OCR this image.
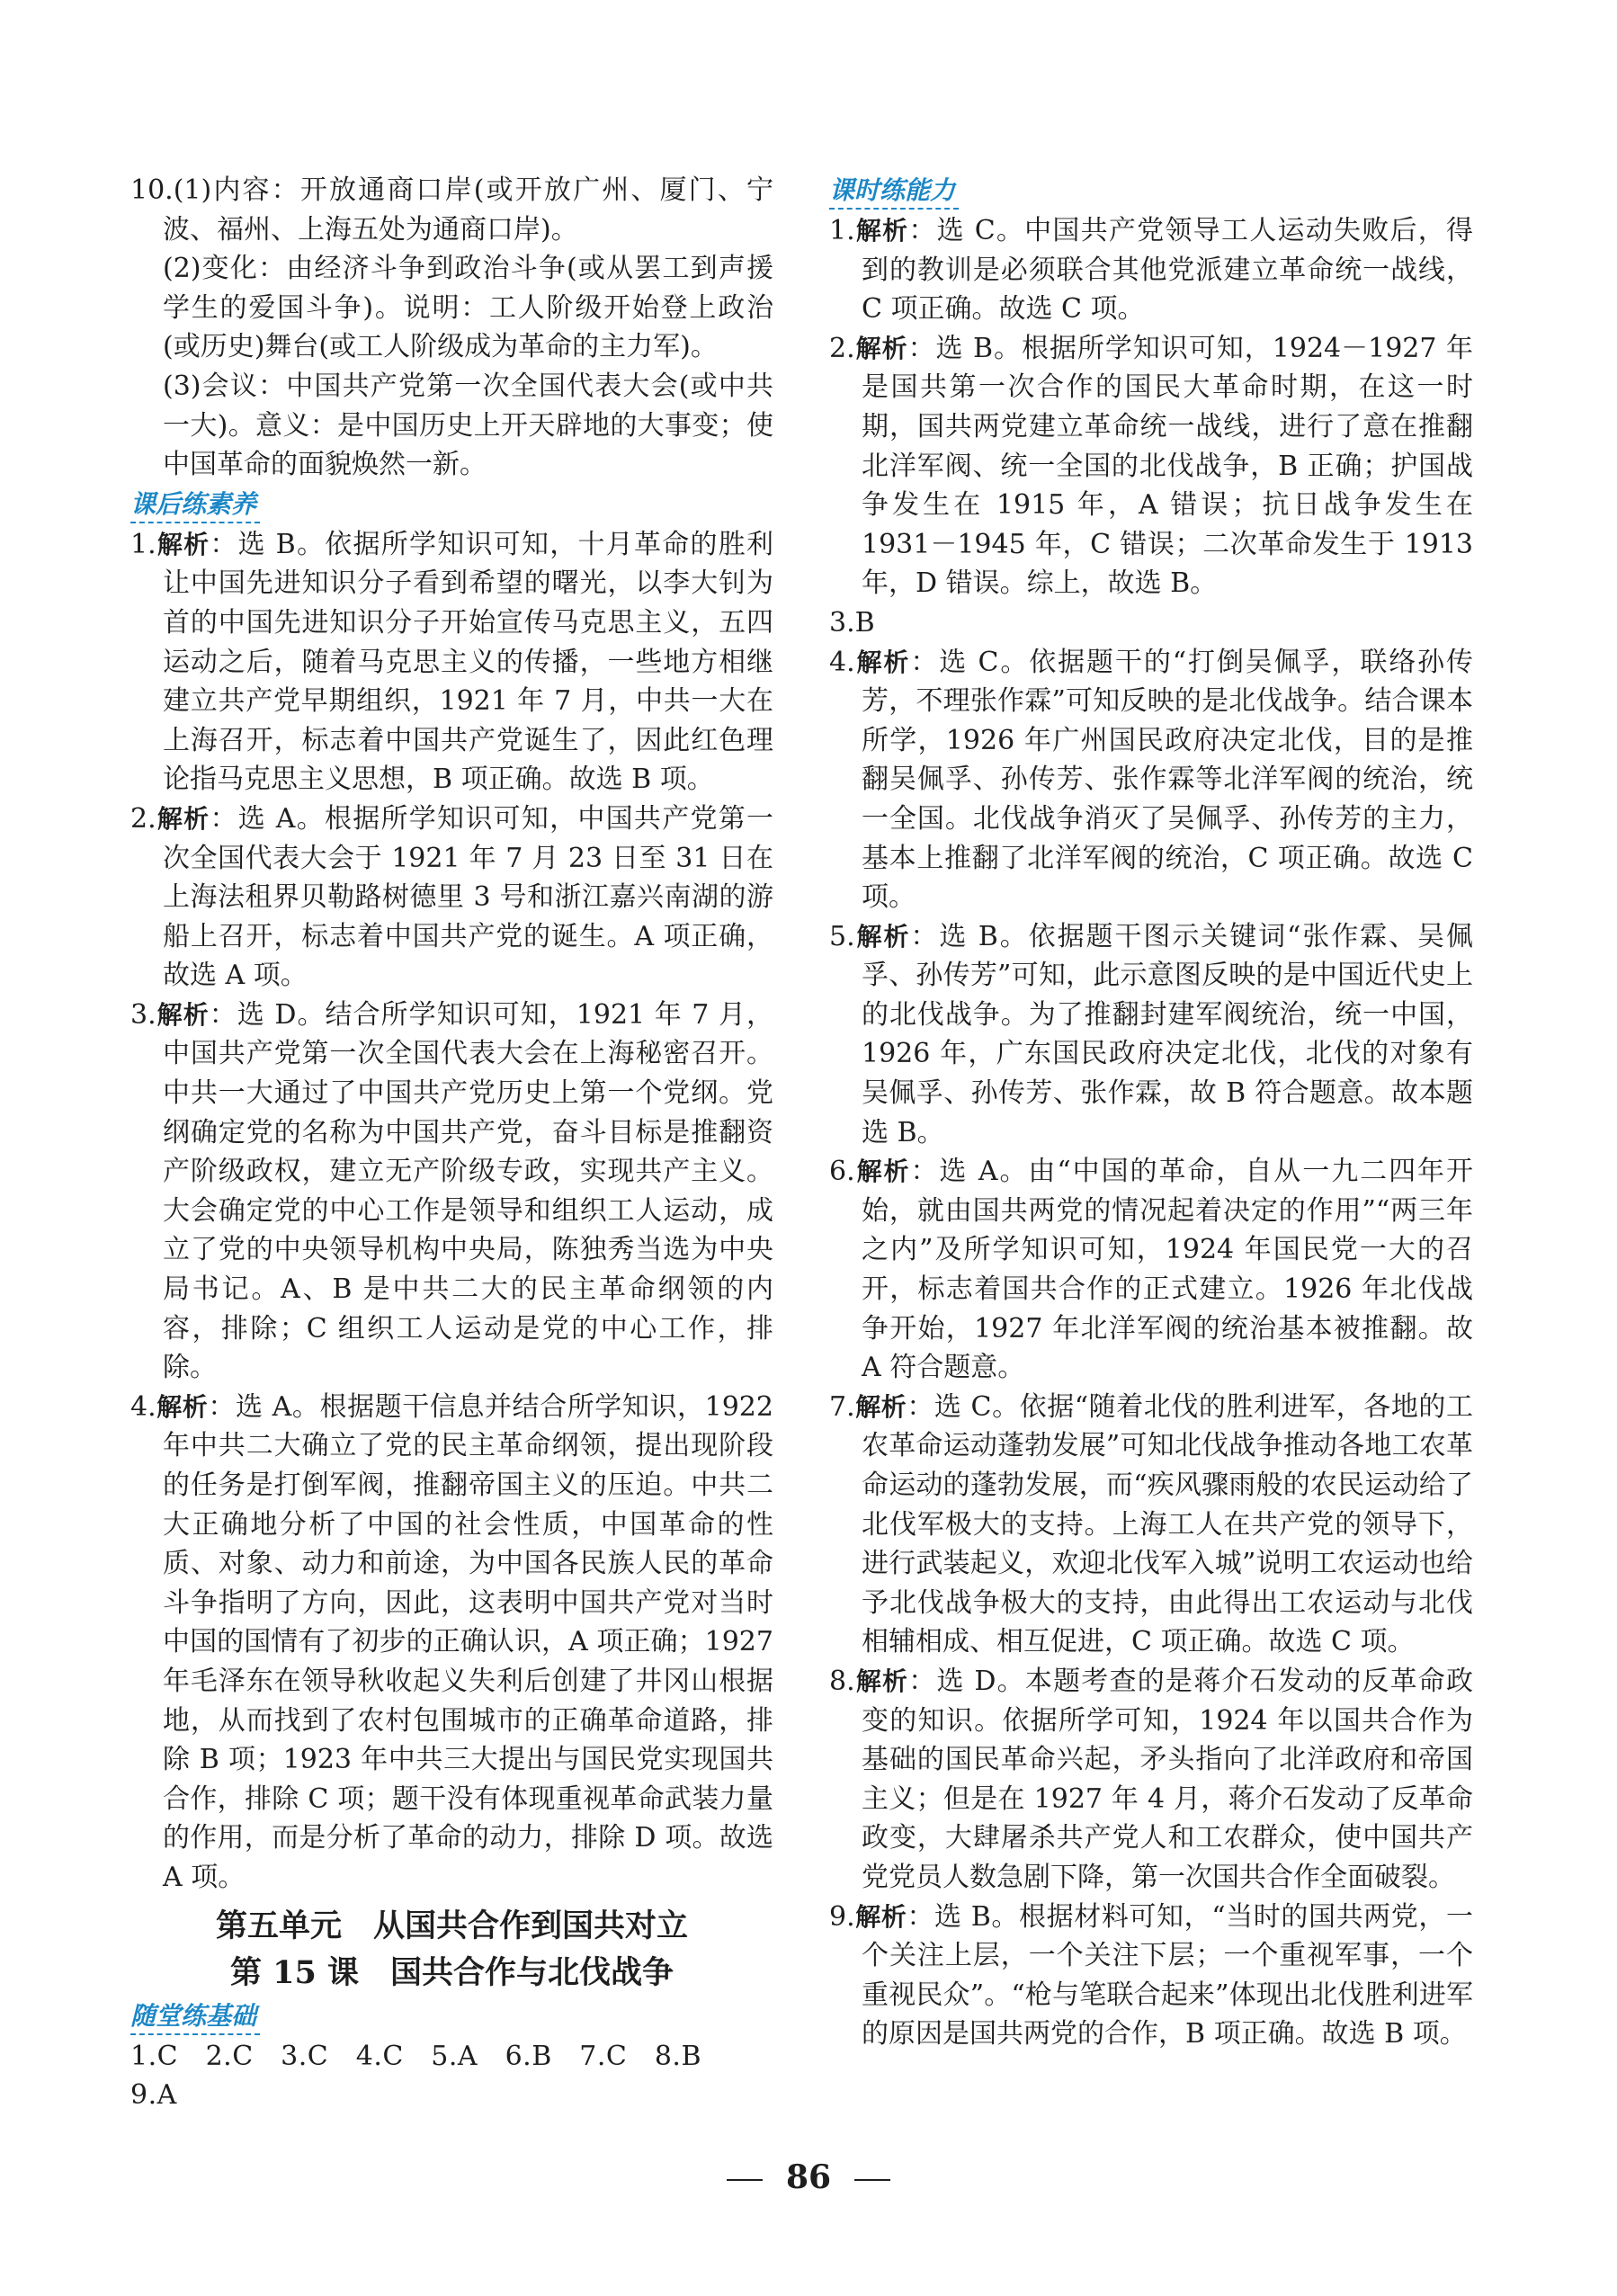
10.(1)内容：开放通商口岸(或开放广州、厦门、宁波、福州、上海五处为通商口岸)。
(2)变化：由经济斗争到政治斗争(或从罢工到声援学生的爱国斗争)。说明：工人阶级开始登上政治(或历史)舞台(或工人阶级成为革命的主力军)。
(3)会议：中国共产党第一次全国代表大会(或中共一大)。意义：是中国历史上开天辟地的大事变；使中国革命的面貌焕然一新。
课后练素养
1.解析：选 B。依据所学知识可知，十月革命的胜利让中国先进知识分子看到希望的曙光，以李大钊为首的中国先进知识分子开始宣传马克思主义，五四运动之后，随着马克思主义的传播，一些地方相继建立共产党早期组织，1921 年 7 月，中共一大在上海召开，标志着中国共产党诞生了，因此红色理论指马克思主义思想，B 项正确。故选 B 项。
2.解析：选 A。根据所学知识可知，中国共产党第一次全国代表大会于 1921 年 7 月 23 日至 31 日在上海法租界贝勒路树德里 3 号和浙江嘉兴南湖的游船上召开，标志着中国共产党的诞生。A 项正确，故选 A 项。
3.解析：选 D。结合所学知识可知，1921 年 7 月，中国共产党第一次全国代表大会在上海秘密召开。中共一大通过了中国共产党历史上第一个党纲。党纲确定党的名称为中国共产党，奋斗目标是推翻资产阶级政权，建立无产阶级专政，实现共产主义。大会确定党的中心工作是领导和组织工人运动，成立了党的中央领导机构中央局，陈独秀当选为中央局书记。A、B 是中共二大的民主革命纲领的内容，排除；C 组织工人运动是党的中心工作，排除。
4.解析：选 A。根据题干信息并结合所学知识，1922 年中共二大确立了党的民主革命纲领，提出现阶段的任务是打倒军阀，推翻帝国主义的压迫。中共二大正确地分析了中国的社会性质，中国革命的性质、对象、动力和前途，为中国各民族人民的革命斗争指明了方向，因此，这表明中国共产党对当时中国的国情有了初步的正确认识，A 项正确；1927 年毛泽东在领导秋收起义失利后创建了井冈山根据地，从而找到了农村包围城市的正确革命道路，排除 B 项；1923 年中共三大提出与国民党实现国共合作，排除 C 项；题干没有体现重视革命武装力量的作用，而是分析了革命的动力，排除 D 项。故选 A 项。
第五单元　从国共合作到国共对立
第 15 课　国共合作与北伐战争
随堂练基础
1.C　2.C　3.C　4.C　5.A　6.B　7.C　8.B
9.A
课时练能力
1.解析：选 C。中国共产党领导工人运动失败后，得到的教训是必须联合其他党派建立革命统一战线，C 项正确。故选 C 项。
2.解析：选 B。根据所学知识可知，1924－1927 年是国共第一次合作的国民大革命时期，在这一时期，国共两党建立革命统一战线，进行了意在推翻北洋军阀、统一全国的北伐战争，B 正确；护国战争发生在 1915 年，A 错误；抗日战争发生在 1931－1945 年，C 错误；二次革命发生于 1913 年，D 错误。综上，故选 B。
3.B
4.解析：选 C。依据题干的“打倒吴佩孚，联络孙传芳，不理张作霖”可知反映的是北伐战争。结合课本所学，1926 年广州国民政府决定北伐，目的是推翻吴佩孚、孙传芳、张作霖等北洋军阀的统治，统一全国。北伐战争消灭了吴佩孚、孙传芳的主力，基本上推翻了北洋军阀的统治，C 项正确。故选 C 项。
5.解析：选 B。依据题干图示关键词“张作霖、吴佩孚、孙传芳”可知，此示意图反映的是中国近代史上的北伐战争。为了推翻封建军阀统治，统一中国，1926 年，广东国民政府决定北伐，北伐的对象有吴佩孚、孙传芳、张作霖，故 B 符合题意。故本题选 B。
6.解析：选 A。由“中国的革命，自从一九二四年开始，就由国共两党的情况起着决定的作用”“两三年之内”及所学知识可知，1924 年国民党一大的召开，标志着国共合作的正式建立。1926 年北伐战争开始，1927 年北洋军阀的统治基本被推翻。故 A 符合题意。
7.解析：选 C。依据“随着北伐的胜利进军，各地的工农革命运动蓬勃发展”可知北伐战争推动各地工农革命运动的蓬勃发展，而“疾风骤雨般的农民运动给了北伐军极大的支持。上海工人在共产党的领导下，进行武装起义，欢迎北伐军入城”说明工农运动也给予北伐战争极大的支持，由此得出工农运动与北伐相辅相成、相互促进，C 项正确。故选 C 项。
8.解析：选 D。本题考查的是蒋介石发动的反革命政变的知识。依据所学可知，1924 年以国共合作为基础的国民革命兴起，矛头指向了北洋政府和帝国主义；但是在 1927 年 4 月，蒋介石发动了反革命政变，大肆屠杀共产党人和工农群众，使中国共产党党员人数急剧下降，第一次国共合作全面破裂。
9.解析：选 B。根据材料可知，“当时的国共两党，一个关注上层，一个关注下层；一个重视军事，一个重视民众”。“枪与笔联合起来”体现出北伐胜利进军的原因是国共两党的合作，B 项正确。故选 B 项。
86
